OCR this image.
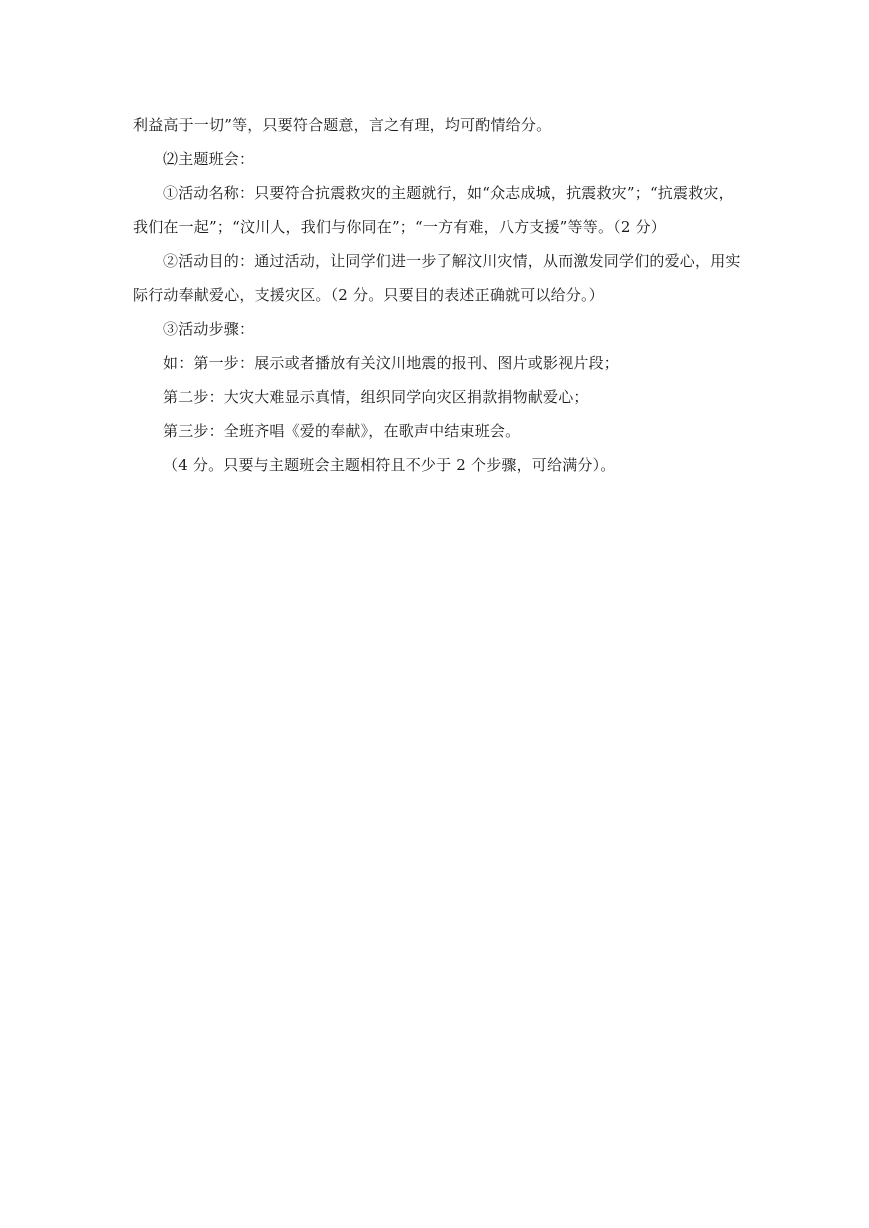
利益高于一切”等，只要符合题意，言之有理，均可酌情给分。
⑵主题班会：
①活动名称：只要符合抗震救灾的主题就行，如“众志成城，抗震救灾”；“抗震救灾，
我们在一起”；“汶川人，我们与你同在”；“一方有难，八方支援”等等。（2 分）
②活动目的：通过活动，让同学们进一步了解汶川灾情，从而激发同学们的爱心，用实
际行动奉献爱心，支援灾区。（2 分。只要目的表述正确就可以给分。）
③活动步骤：
如：第一步：展示或者播放有关汶川地震的报刊、图片或影视片段；
第二步：大灾大难显示真情，组织同学向灾区捐款捐物献爱心；
第三步：全班齐唱《爱的奉献》，在歌声中结束班会。
（4 分。只要与主题班会主题相符且不少于 2 个步骤，可给满分）。
